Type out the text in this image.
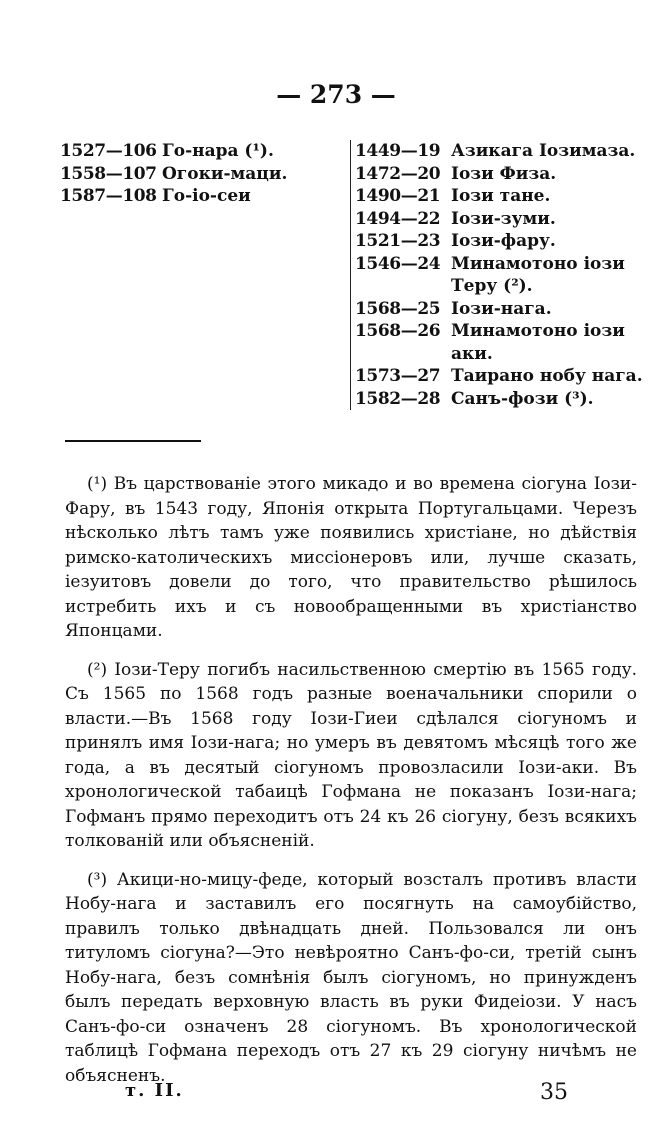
— 273 —
1527—106 Го-нара (¹).
1558—107 Огоки-маци.
1587—108 Го-іо-сеи
1449—19 Азикага Іозимаза.
1472—20 Іози Физа.
1490—21 Іози тане.
1494—22 Іози-зуми.
1521—23 Іози-фару.
1546—24 Минамотоно іози Теру (²).
1568—25 Іози-нага.
1568—26 Минамотоно іози аки.
1573—27 Таирано нобу нага.
1582—28 Санъ-фози (³).

(¹) Въ царствованіе этого микадо и во времена сіогуна Іози-Фару, въ 1543 году, Японія открыта Португальцами. Черезъ нѣсколько лѣтъ тамъ уже появились христіане, но дѣйствія римско-католическихъ миссіонеровъ или, лучше сказать, іезуитовъ довели до того, что правительство рѣшилось истребить ихъ и съ новообращенными въ христіанство Японцами.

(²) Іози-Теру погибъ насильственною смертію въ 1565 году. Съ 1565 по 1568 годъ разные военачальники спорили о власти.—Въ 1568 году Іози-Гиеи сдѣлался сіогуномъ и принялъ имя Іози-нага; но умеръ въ девятомъ мѣсяцѣ того же года, а въ десятый сіогуномъ провозласили Іози-аки. Въ хронологической табаицѣ Гофмана не показанъ Іози-нага; Гофманъ прямо переходитъ отъ 24 къ 26 сіогуну, безъ всякихъ толкованій или объясненій.

(³) Акици-но-мицу-феде, который возсталъ противъ власти Нобу-нага и заставилъ его посягнуть на самоубійство, правилъ только двѣнадцать дней. Пользовался ли онъ титуломъ сіогуна?—Это невѣроятно Санъ-фо-си, третій сынъ Нобу-нага, безъ сомнѣнія былъ сіогуномъ, но принужденъ былъ передать верховную власть въ руки Фидеіози. У насъ Санъ-фо-си означенъ 28 сіогуномъ. Въ хронологической таблицѣ Гофмана переходъ отъ 27 къ 29 сіогуну ничѣмъ не объясненъ.

т. II.	35
